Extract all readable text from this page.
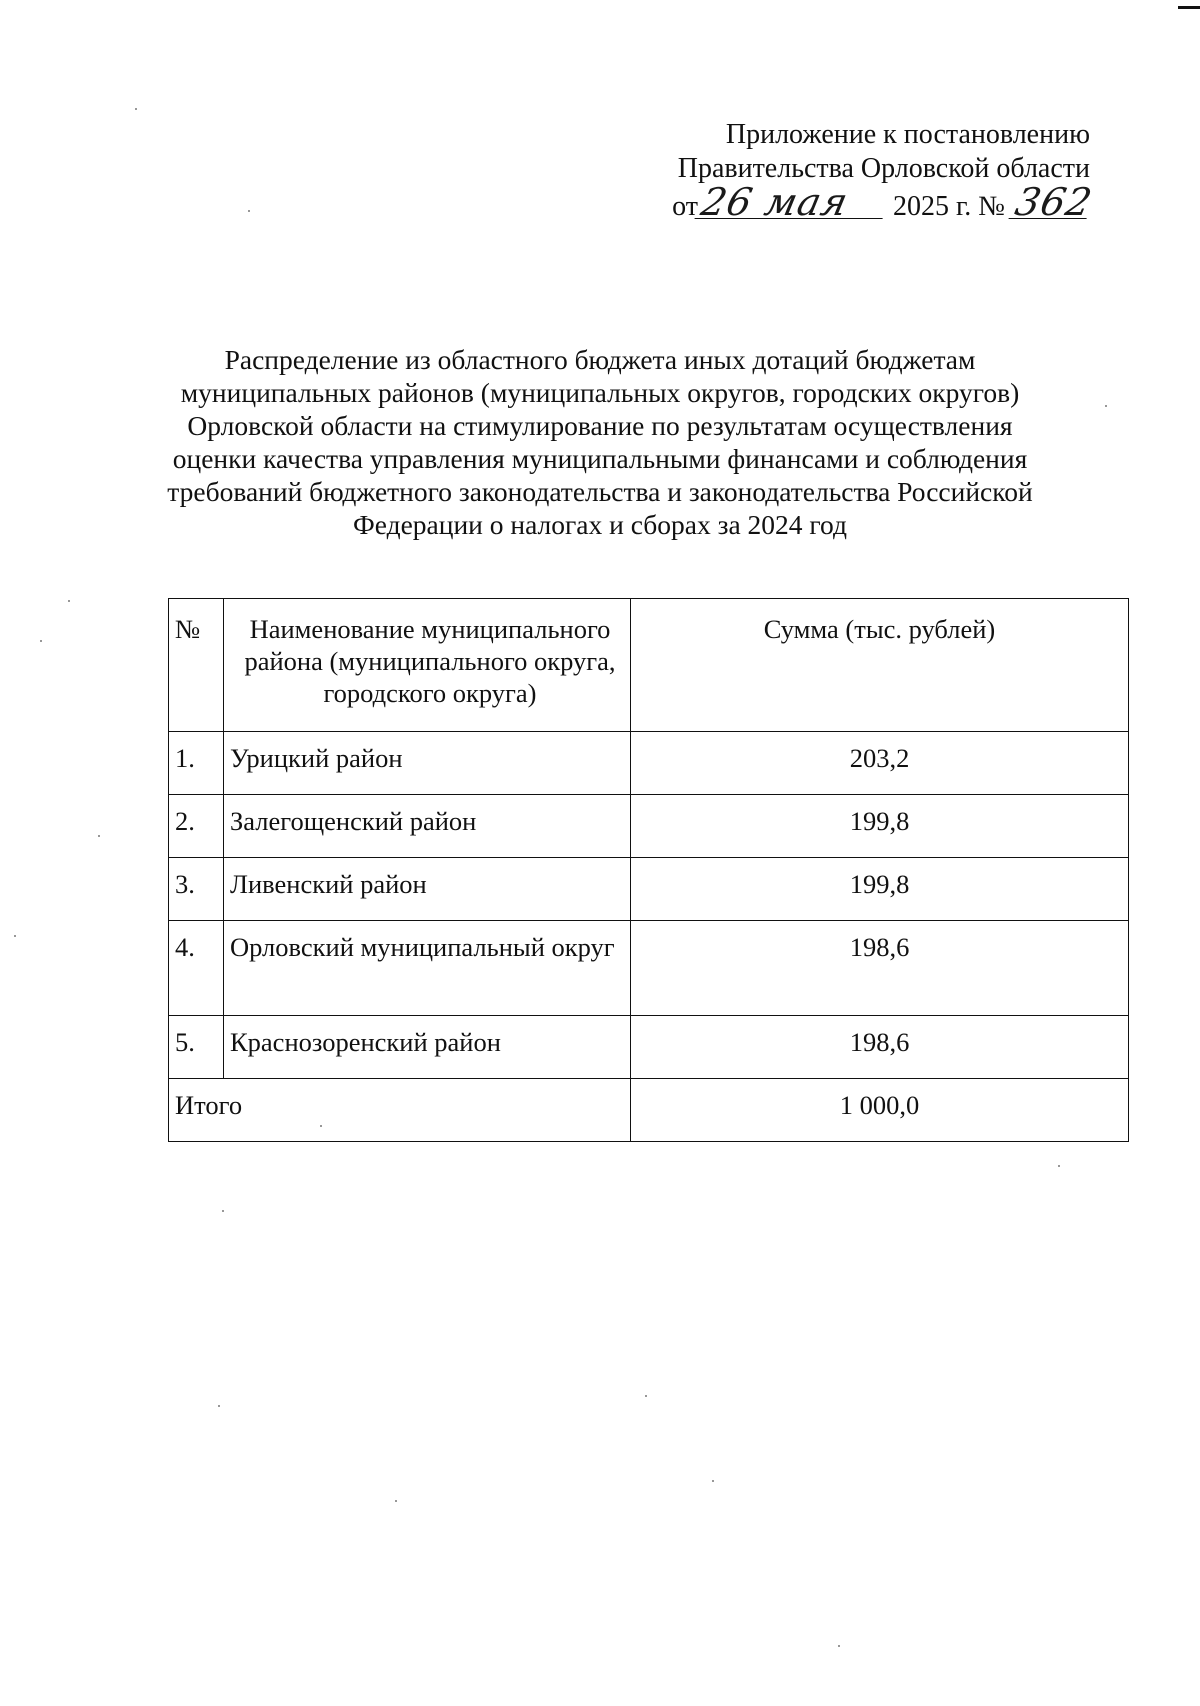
Приложение к постановлению
Правительства Орловской области
от26 мая 2025 г. № 362
Распределение из областного бюджета иных дотаций бюджетам
муниципальных районов (муниципальных округов, городских округов)
Орловской области на стимулирование по результатам осуществления
оценки качества управления муниципальными финансами и соблюдения
требований бюджетного законодательства и законодательства Российской
Федерации о налогах и сборах за 2024 год
№	Наименование муниципального района (муниципального округа, городского округа)	Сумма (тыс. рублей)
1.	Урицкий район	203,2
2.	Залегощенский район	199,8
3.	Ливенский район	199,8
4.	Орловский муниципальный округ	198,6
5.	Краснозоренский район	198,6
Итого		1 000,0
